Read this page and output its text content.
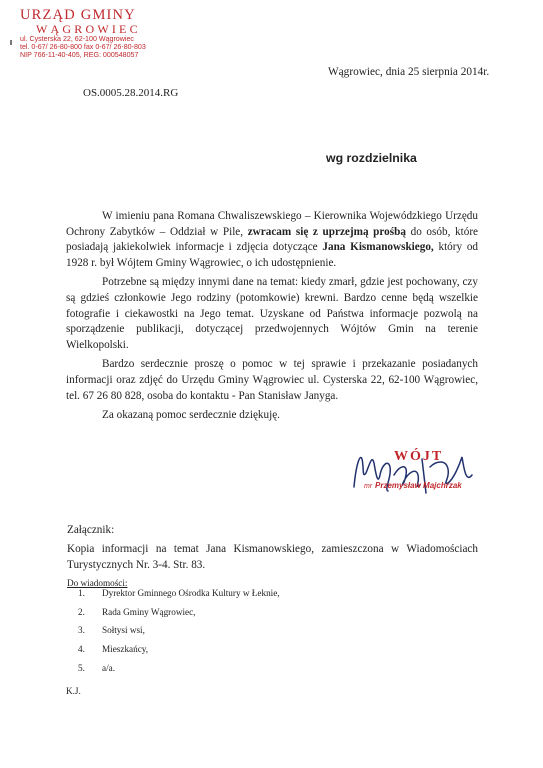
URZĄD GMINY
WĄGROWIEC
ul. Cysterska 22, 62-100 Wągrowiec
tel. 0-67/ 26-80-800 fax 0-67/ 26-80-803
NIP 766-11-40-405, REG: 000548057
Wągrowiec, dnia 25 sierpnia 2014r.
OS.0005.28.2014.RG
wg rozdzielnika

W imieniu pana Romana Chwaliszewskiego – Kierownika Wojewódzkiego Urzędu Ochrony Zabytków – Oddział w Pile, zwracam się z uprzejmą prośbą do osób, które posiadają jakiekolwiek informacje i zdjęcia dotyczące Jana Kismanowskiego, który od 1928 r. był Wójtem Gminy Wągrowiec, o ich udostępnienie.

Potrzebne są między innymi dane na temat: kiedy zmarł, gdzie jest pochowany, czy są gdzieś członkowie Jego rodziny (potomkowie) krewni. Bardzo cenne będą wszelkie fotografie i ciekawostki na Jego temat. Uzyskane od Państwa informacje pozwolą na sporządzenie publikacji, dotyczącej przedwojennych Wójtów Gmin na terenie Wielkopolski.

Bardzo serdecznie proszę o pomoc w tej sprawie i przekazanie posiadanych informacji oraz zdjęć do Urzędu Gminy Wągrowiec ul. Cysterska 22, 62-100 Wągrowiec, tel. 67 26 80 828, osoba do kontaktu - Pan Stanisław Janyga.

Za okazaną pomoc serdecznie dziękuję.

WÓJT
mr Przemysław Majchrzak
Załącznik:
Kopia informacji na temat Jana Kismanowskiego, zamieszczona w Wiadomościach Turystycznych Nr. 3-4. Str. 83.
Do wiadomości:
1.	Dyrektor Gminnego Ośrodka Kultury w Łeknie,
2.	Rada Gminy Wągrowiec,
3.	Sołtysi wsi,
4.	Mieszkańcy,
5.	a/a.
K.J.
